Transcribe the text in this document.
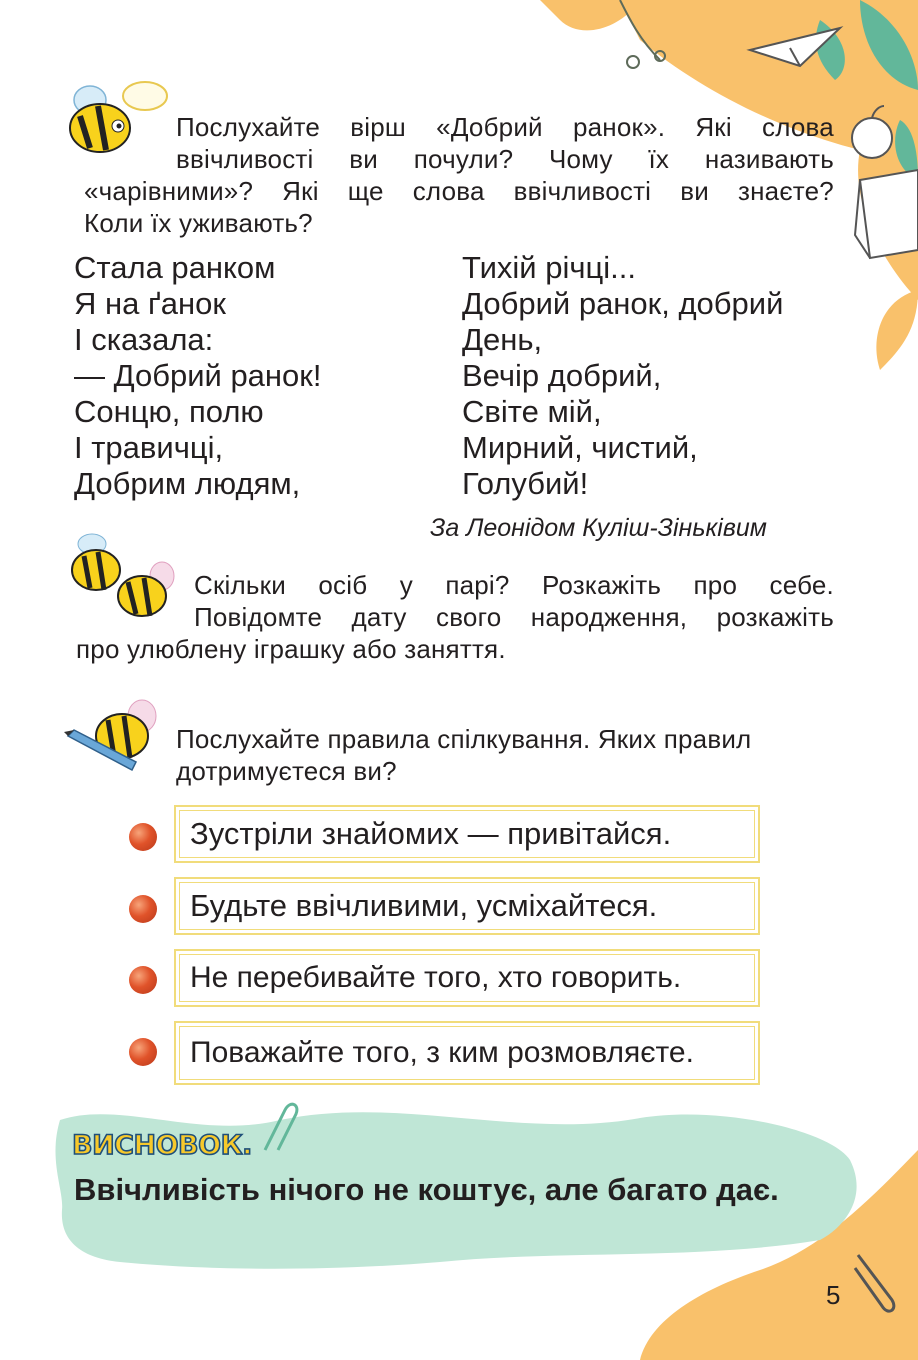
Послухайте вірш «Добрий ранок». Які слова
ввічливості ви почули? Чому їх називають
«чарівними»? Які ще слова ввічливості ви знаєте?
Коли їх уживають?
Стала ранком
Я на ґанок
І сказала:
— Добрий ранок!
Сонцю, полю
І травичці,
Добрим людям,
Тихій річці...
Добрий ранок, добрий
День,
Вечір добрий,
Світе мій,
Мирний, чистий,
Голубий!
За Леонідом Куліш-Зіньківим
Скільки осіб у парі? Розкажіть про себе.
Повідомте дату свого народження, розкажіть
про улюблену іграшку або заняття.
Послухайте правила спілкування. Яких правил
дотримуєтеся ви?
Зустріли знайомих — привітайся.
Будьте ввічливими, усміхайтеся.
Не перебивайте того, хто говорить.
Поважайте того, з ким розмовляєте.
ВИСНОВОК.
Ввічливість нічого не коштує, але багато дає.
5
